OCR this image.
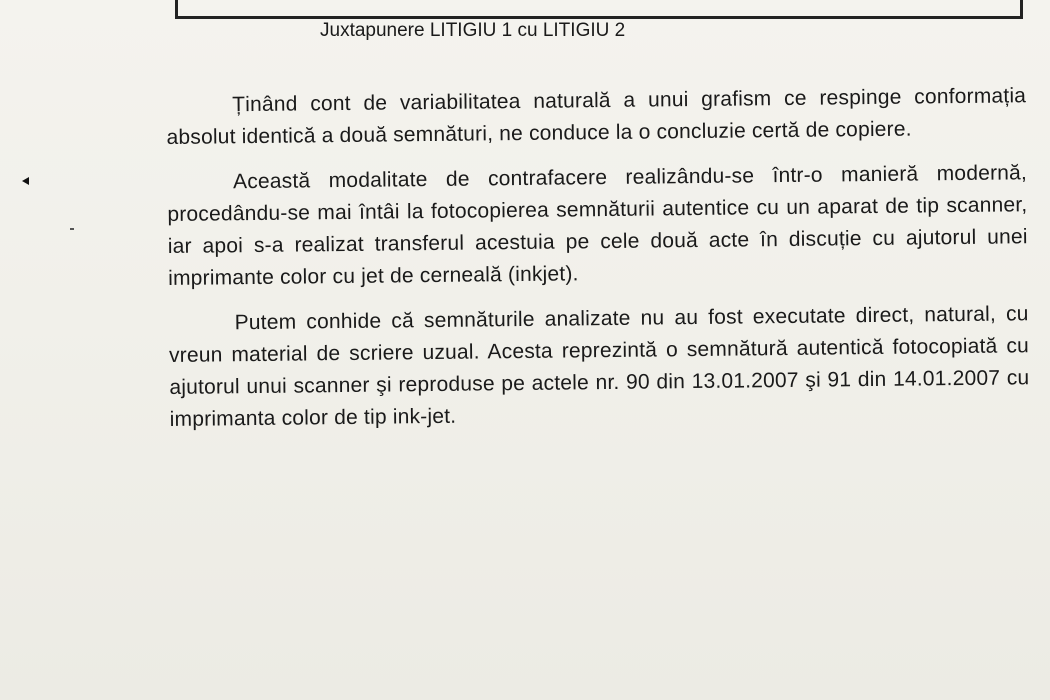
Juxtapunere LITIGIU 1 cu LITIGIU 2

Ținând cont de variabilitatea naturală a unui grafism ce respinge conformația absolut identică a două semnături, ne conduce la o concluzie certă de copiere.

Această modalitate de contrafacere realizându-se într-o manieră modernă, procedându-se mai întâi la fotocopierea semnăturii autentice cu un aparat de tip scanner, iar apoi s-a realizat transferul acestuia pe cele două acte în discuție cu ajutorul unei imprimante color cu jet de cerneală (inkjet).

Putem conhide că semnăturile analizate nu au fost executate direct, natural, cu vreun material de scriere uzual. Acesta reprezintă o semnătură autentică fotocopiată cu ajutorul unui scanner şi reproduse pe actele nr. 90 din 13.01.2007 şi 91 din 14.01.2007 cu imprimanta color de tip ink-jet.
